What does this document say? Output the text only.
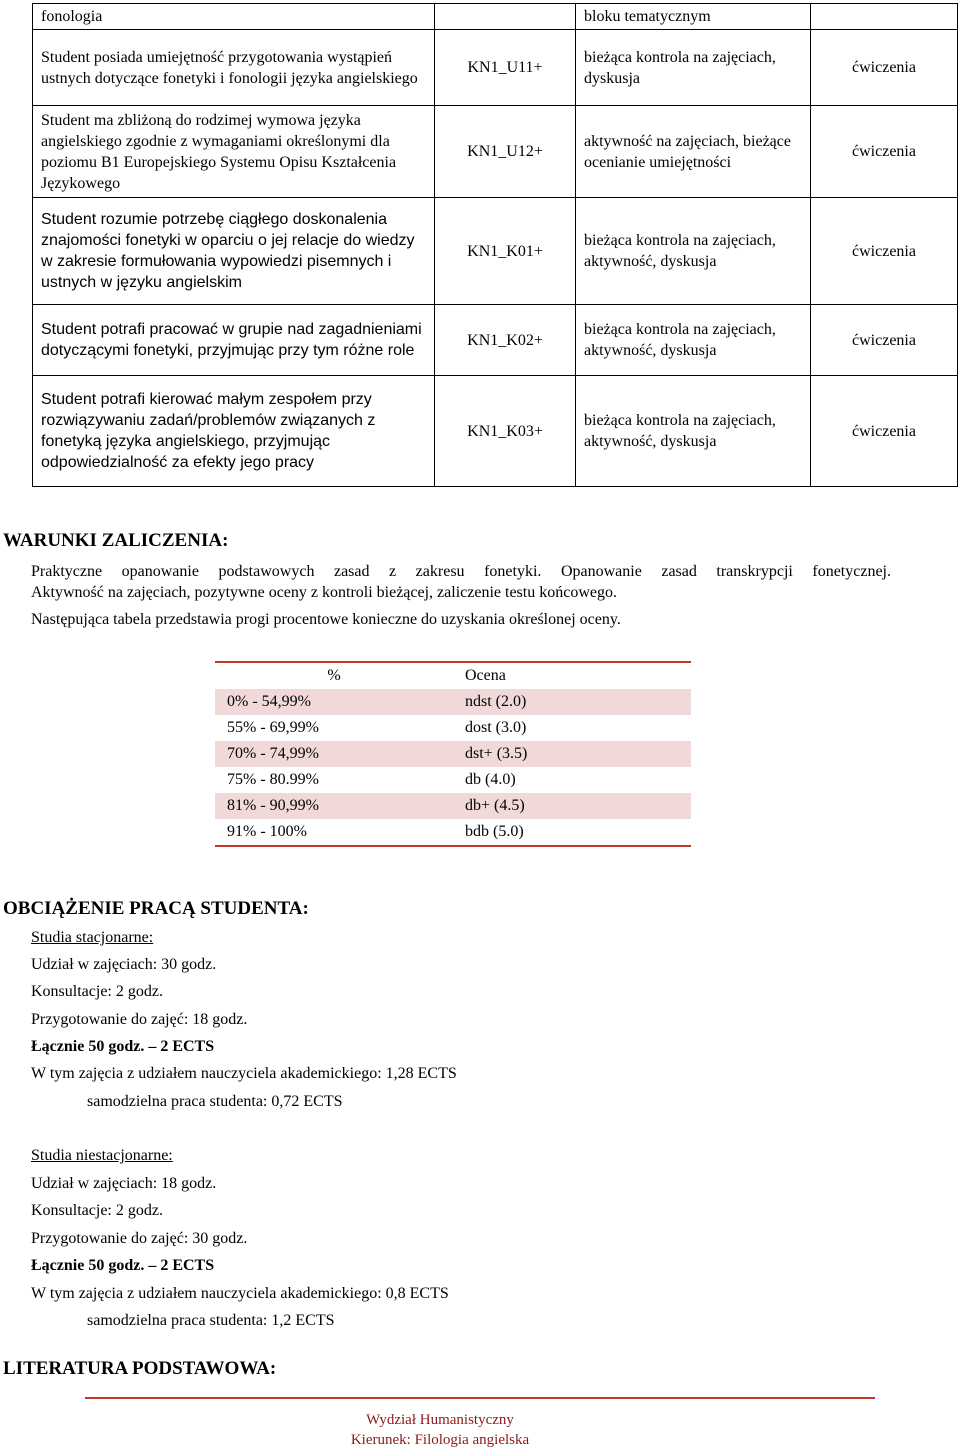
fonologia		bloku tematycznym	
Student posiada umiejętność przygotowania wystąpień ustnych dotyczące fonetyki i fonologii języka angielskiego	KN1_U11+	bieżąca kontrola na zajęciach, dyskusja	ćwiczenia
Student ma zbliżoną do rodzimej wymowa języka angielskiego zgodnie z wymaganiami określonymi dla poziomu B1 Europejskiego Systemu Opisu Kształcenia Językowego	KN1_U12+	aktywność na zajęciach, bieżące ocenianie umiejętności	ćwiczenia
Student rozumie potrzebę ciągłego doskonalenia znajomości fonetyki w oparciu o jej relacje do wiedzy w zakresie formułowania wypowiedzi pisemnych i ustnych w języku angielskim	KN1_K01+	bieżąca kontrola na zajęciach, aktywność, dyskusja	ćwiczenia
Student potrafi pracować w grupie nad zagadnieniami dotyczącymi fonetyki, przyjmując przy tym różne role	KN1_K02+	bieżąca kontrola na zajęciach, aktywność, dyskusja	ćwiczenia
Student potrafi kierować małym zespołem przy rozwiązywaniu zadań/problemów związanych z fonetyką języka angielskiego, przyjmując odpowiedzialność za efekty jego pracy	KN1_K03+	bieżąca kontrola na zajęciach, aktywność, dyskusja	ćwiczenia
WARUNKI ZALICZENIA:
Praktyczne opanowanie podstawowych zasad z zakresu fonetyki. Opanowanie zasad transkrypcji fonetycznej.
Aktywność na zajęciach, pozytywne oceny z kontroli bieżącej, zaliczenie testu końcowego.
Następująca tabela przedstawia progi procentowe konieczne do uzyskania określonej oceny.
%	Ocena
0% - 54,99%	ndst (2.0)
55% - 69,99%	dost (3.0)
70% - 74,99%	dst+ (3.5)
75% - 80.99%	db (4.0)
81% - 90,99%	db+ (4.5)
91% - 100%	bdb (5.0)
OBCIĄŻENIE PRACĄ STUDENTA:
Studia stacjonarne:
Udział w zajęciach: 30 godz.
Konsultacje: 2 godz.
Przygotowanie do zajęć: 18 godz.
Łącznie 50 godz. – 2 ECTS
W tym zajęcia z udziałem nauczyciela akademickiego: 1,28 ECTS
samodzielna praca studenta: 0,72 ECTS
Studia niestacjonarne:
Udział w zajęciach: 18 godz.
Konsultacje: 2 godz.
Przygotowanie do zajęć: 30 godz.
Łącznie 50 godz. – 2 ECTS
W tym zajęcia z udziałem nauczyciela akademickiego: 0,8 ECTS
samodzielna praca studenta: 1,2 ECTS
LITERATURA PODSTAWOWA:
Wydział Humanistyczny
Kierunek: Filologia angielska
